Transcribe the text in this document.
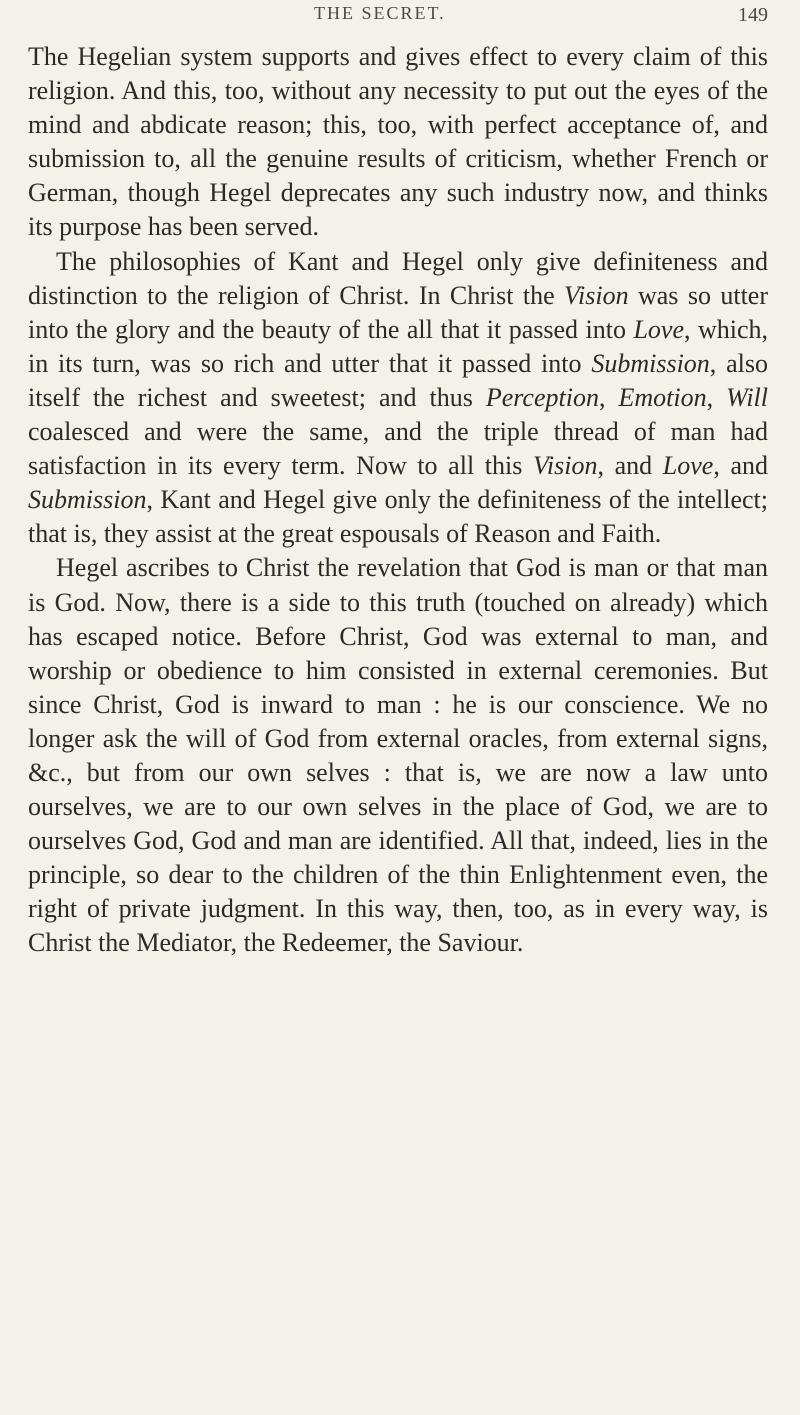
THE SECRET.	149

The Hegelian system supports and gives effect to every claim of this religion. And this, too, without any necessity to put out the eyes of the mind and abdicate reason; this, too, with perfect acceptance of, and submission to, all the genuine results of criticism, whether French or German, though Hegel deprecates any such industry now, and thinks its purpose has been served.

The philosophies of Kant and Hegel only give definiteness and distinction to the religion of Christ. In Christ the Vision was so utter into the glory and the beauty of the all that it passed into Love, which, in its turn, was so rich and utter that it passed into Submission, also itself the richest and sweetest; and thus Perception, Emotion, Will coalesced and were the same, and the triple thread of man had satisfaction in its every term. Now to all this Vision, and Love, and Submission, Kant and Hegel give only the definiteness of the intellect; that is, they assist at the great espousals of Reason and Faith.

Hegel ascribes to Christ the revelation that God is man or that man is God. Now, there is a side to this truth (touched on already) which has escaped notice. Before Christ, God was external to man, and worship or obedience to him consisted in external ceremonies. But since Christ, God is inward to man : he is our conscience. We no longer ask the will of God from external oracles, from external signs, &c., but from our own selves : that is, we are now a law unto ourselves, we are to our own selves in the place of God, we are to ourselves God, God and man are identified. All that, indeed, lies in the principle, so dear to the children of the thin Enlightenment even, the right of private judgment. In this way, then, too, as in every way, is Christ the Mediator, the Redeemer, the Saviour.
